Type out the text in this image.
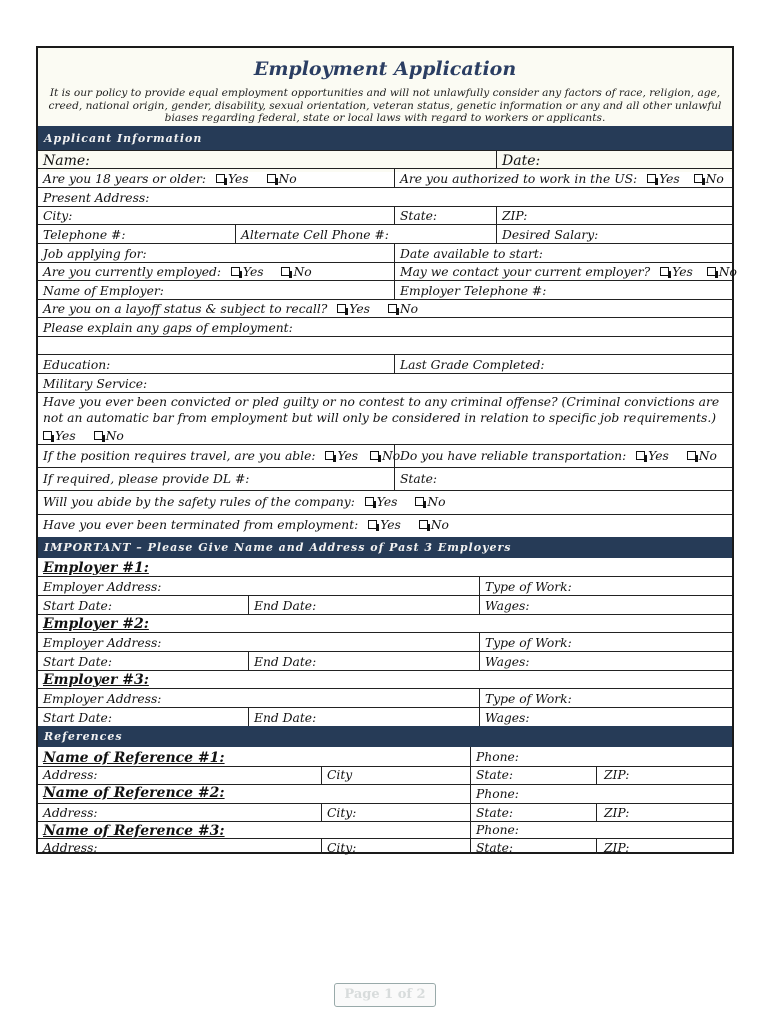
Employment Application
It is our policy to provide equal employment opportunities and will not unlawfully consider any factors of race, religion, age, creed, national origin, gender, disability, sexual orientation, veteran status, genetic information or any and all other unlawful biases regarding federal, state or local laws with regard to workers or applicants.
Applicant Information
Name:	Date:
Are you 18 years or older: Yes No	Are you authorized to work in the US: Yes No
Present Address:
City:	State:	ZIP:
Telephone #:	Alternate Cell Phone #:	Desired Salary:
Job applying for:	Date available to start:
Are you currently employed: Yes No	May we contact your current employer? Yes No
Name of Employer:	Employer Telephone #:
Are you on a layoff status & subject to recall? Yes No
Please explain any gaps of employment:
Education:	Last Grade Completed:
Military Service:
Have you ever been convicted or pled guilty or no contest to any criminal offense? (Criminal convictions are not an automatic bar from employment but will only be considered in relation to specific job requirements.)
Yes No
If the position requires travel, are you able: Yes No Do you have reliable transportation: Yes No
If required, please provide DL #:	State:
Will you abide by the safety rules of the company: Yes No
Have you ever been terminated from employment: Yes No
IMPORTANT – Please Give Name and Address of Past 3 Employers
Employer #1:
Employer Address:	Type of Work:
Start Date:	End Date:	Wages:
Employer #2:
Employer Address:	Type of Work:
Start Date:	End Date:	Wages:
Employer #3:
Employer Address:	Type of Work:
Start Date:	End Date:	Wages:
References
Name of Reference #1:	Phone:
Address:	City	State:	ZIP:
Name of Reference #2:	Phone:
Address:	City:	State:	ZIP:
Name of Reference #3:	Phone:
Address:	City:	State:	ZIP:
Page 1 of 2
